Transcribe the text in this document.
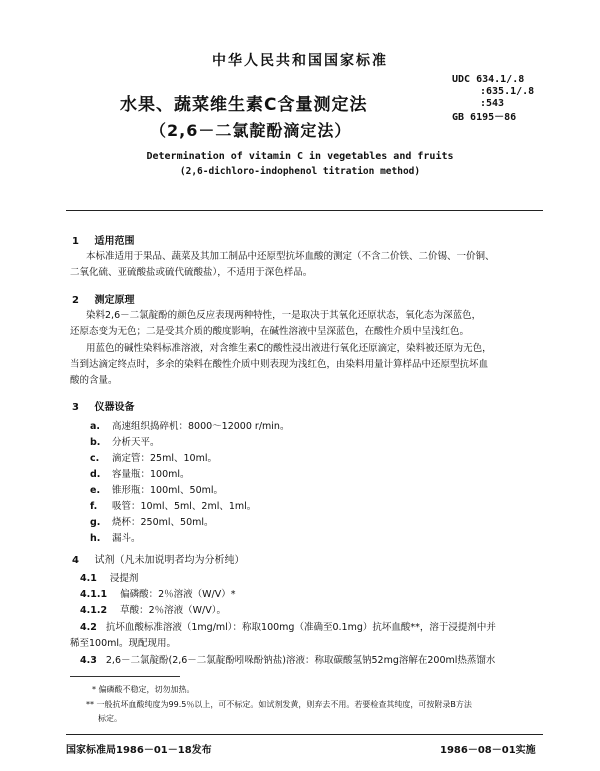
中华人民共和国国家标准
UDC 634.1/.8
:635.1/.8
:543
GB 6195－86
水果、蔬菜维生素C含量测定法
（2,6－二氯靛酚滴定法）
Determination of vitamin C in vegetables and fruits
(2,6-dichloro-indophenol titration method)
1 适用范围
本标准适用于果品、蔬菜及其加工制品中还原型抗坏血酸的测定（不含二价铁、二价锡、一价铜、
二氧化硫、亚硫酸盐或硫代硫酸盐），不适用于深色样品。
2 测定原理
染料2,6－二氯靛酚的颜色反应表现两种特性，一是取决于其氧化还原状态，氧化态为深蓝色，
还原态变为无色；二是受其介质的酸度影响，在碱性溶液中呈深蓝色，在酸性介质中呈浅红色。
用蓝色的碱性染料标准溶液，对含维生素C的酸性浸出液进行氧化还原滴定，染料被还原为无色，
当到达滴定终点时，多余的染料在酸性介质中则表现为浅红色，由染料用量计算样品中还原型抗坏血
酸的含量。
3 仪器设备
a. 高速组织捣碎机：8000～12000 r/min。
b. 分析天平。
c. 滴定管：25ml、10ml。
d. 容量瓶：100ml。
e. 锥形瓶：100ml、50ml。
f. 吸管：10ml、5ml、2ml、1ml。
g. 烧杯：250ml、50ml。
h. 漏斗。
4 试剂（凡未加说明者均为分析纯）
4.1 浸提剂
4.1.1 偏磷酸：2％溶液（W/V）*
4.1.2 草酸：2％溶液（W/V）。
4.2 抗坏血酸标准溶液（1mg/ml）：称取100mg（准确至0.1mg）抗坏血酸**，溶于浸提剂中并
稀至100ml。现配现用。
4.3 2,6－二氯靛酚(2,6－二氯靛酚吲哚酚钠盐)溶液：称取碳酸氢钠52mg溶解在200ml热蒸馏水
* 偏磷酸不稳定，切勿加热。
** 一般抗坏血酸纯度为99.5％以上，可不标定。如试剂发黄，则弃去不用。若要检查其纯度，可按附录B方法
标定。
国家标准局1986－01－18发布	1986－08－01实施
